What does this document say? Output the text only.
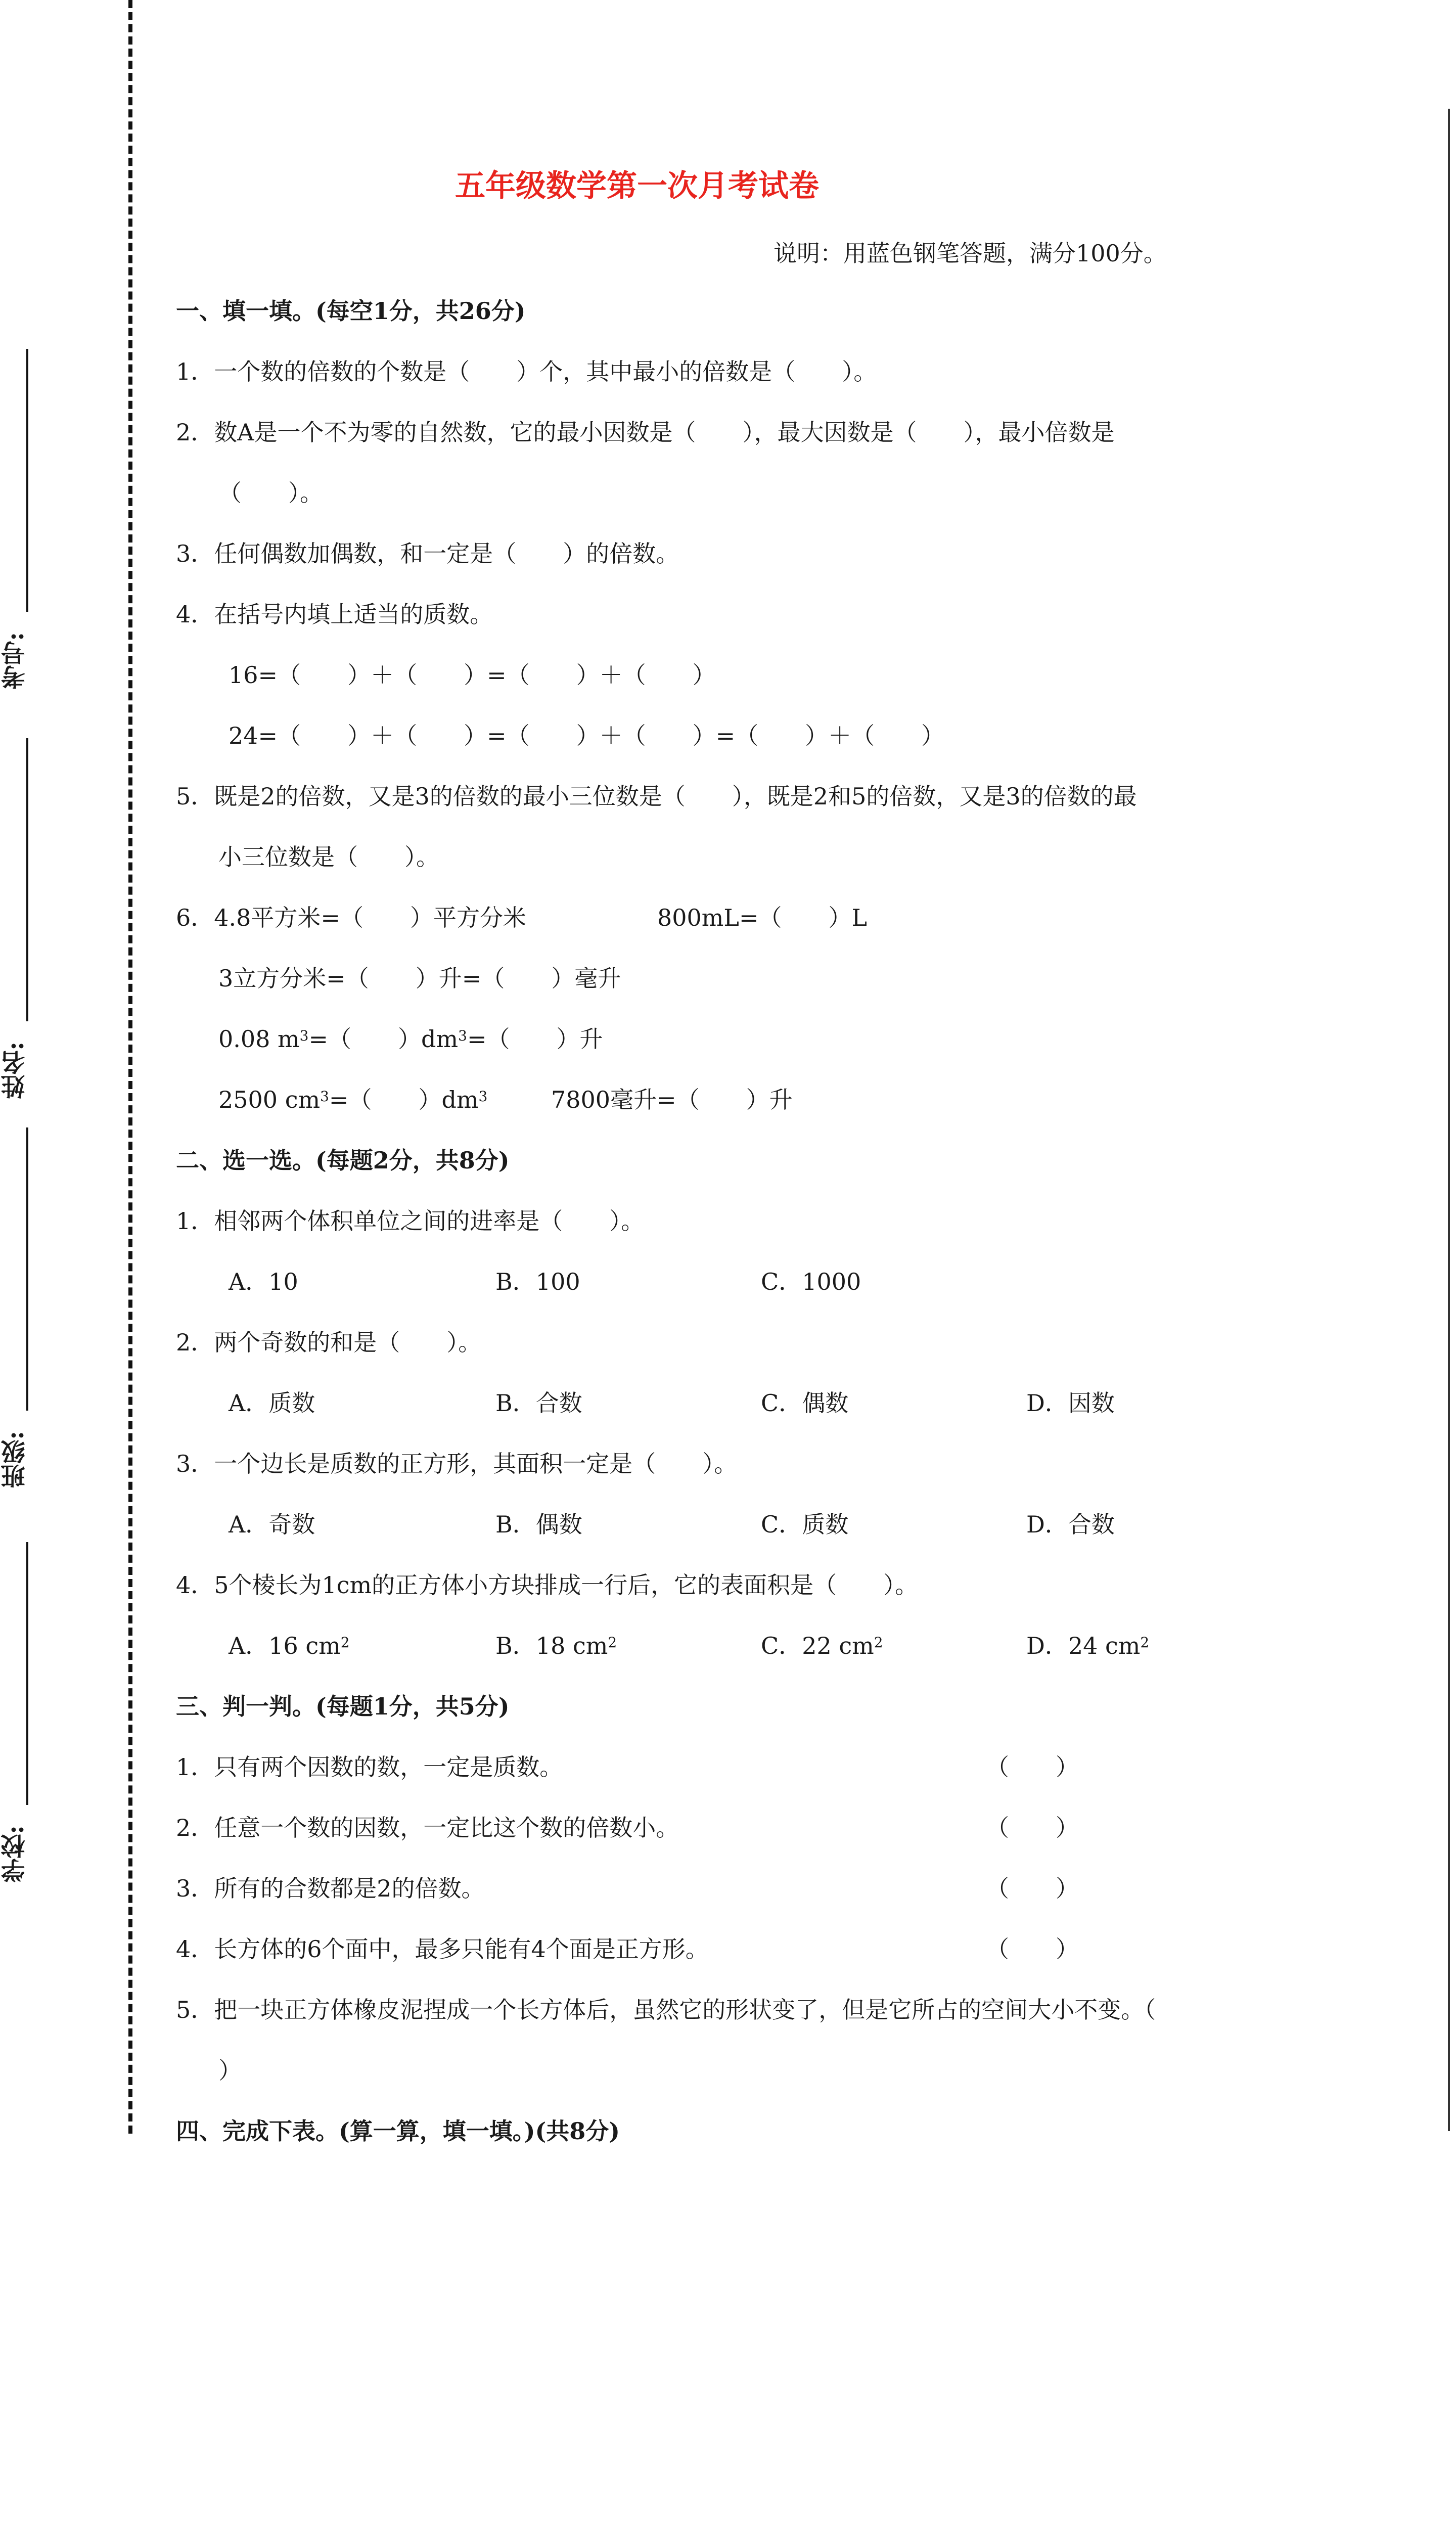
考号:
姓名:
班级:
学校:
五年级数学第一次月考试卷
说明：用蓝色钢笔答题，满分100分。
一、填一填。(每空1分，共26分)
1．一个数的倍数的个数是（　　）个，其中最小的倍数是（　　）。
2．数A是一个不为零的自然数，它的最小因数是（　　），最大因数是（　　），最小倍数是
（　　）。
3．任何偶数加偶数，和一定是（　　）的倍数。
4．在括号内填上适当的质数。
16=（　　）＋（　　）=（　　）＋（　　）
24=（　　）＋（　　）=（　　）＋（　　）=（　　）＋（　　）
5．既是2的倍数，又是3的倍数的最小三位数是（　　），既是2和5的倍数，又是3的倍数的最
小三位数是（　　）。
6．4.8平方米=（　　）平方分米	800mL=（　　）L
3立方分米=（　　）升=（　　）毫升
0.08 $m^3=$（　　）$dm^3=$（　　）升
2500 $cm^3=$（　　）$dm^3$	7800毫升=（　　）升
二、选一选。(每题2分，共8分)
1．相邻两个体积单位之间的进率是（　　）。
A．10	B．100	C．1000
2．两个奇数的和是（　　）。
A．质数	B．合数	C．偶数	D．因数
3．一个边长是质数的正方形，其面积一定是（　　）。
A．奇数	B．偶数	C．质数	D．合数
4．5个棱长为1cm的正方体小方块排成一行后，它的表面积是（　　）。
A．16 $cm^2$	B．18 $cm^2$	C．22 $cm^2$	D．24 $cm^2$
三、判一判。(每题1分，共5分)
1．只有两个因数的数，一定是质数。	（　　）
2．任意一个数的因数，一定比这个数的倍数小。	（　　）
3．所有的合数都是2的倍数。	（　　）
4．长方体的6个面中，最多只能有4个面是正方形。	（　　）
5．把一块正方体橡皮泥捏成一个长方体后，虽然它的形状变了，但是它所占的空间大小不变。（
）
四、完成下表。(算一算，填一填。)(共8分)
